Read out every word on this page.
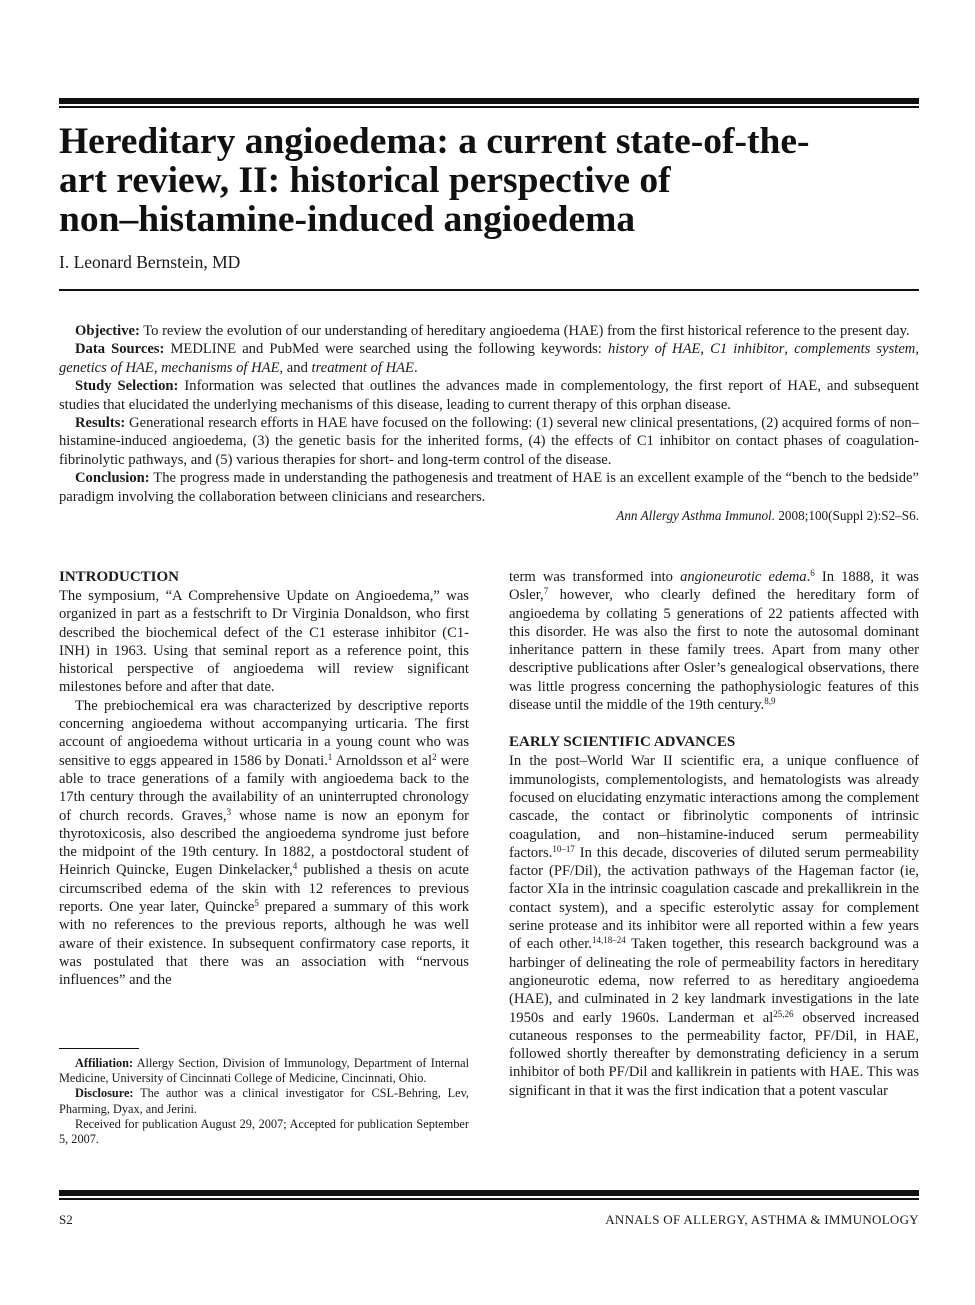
Hereditary angioedema: a current state-of-the-
art review, II: historical perspective of
non–histamine-induced angioedema
I. Leonard Bernstein, MD

Objective: To review the evolution of our understanding of hereditary angioedema (HAE) from the first historical reference to the present day.

Data Sources: MEDLINE and PubMed were searched using the following keywords: history of HAE, C1 inhibitor, complements system, genetics of HAE, mechanisms of HAE, and treatment of HAE.

Study Selection: Information was selected that outlines the advances made in complementology, the first report of HAE, and subsequent studies that elucidated the underlying mechanisms of this disease, leading to current therapy of this orphan disease.

Results: Generational research efforts in HAE have focused on the following: (1) several new clinical presentations, (2) acquired forms of non–histamine-induced angioedema, (3) the genetic basis for the inherited forms, (4) the effects of C1 inhibitor on contact phases of coagulation-fibrinolytic pathways, and (5) various therapies for short- and long-term control of the disease.

Conclusion: The progress made in understanding the pathogenesis and treatment of HAE is an excellent example of the “bench to the bedside” paradigm involving the collaboration between clinicians and researchers.

Ann Allergy Asthma Immunol. 2008;100(Suppl 2):S2–S6.
INTRODUCTION

The symposium, “A Comprehensive Update on Angioedema,” was organized in part as a festschrift to Dr Virginia Donaldson, who first described the biochemical defect of the C1 esterase inhibitor (C1-INH) in 1963. Using that seminal report as a reference point, this historical perspective of angioedema will review significant milestones before and after that date.

The prebiochemical era was characterized by descriptive reports concerning angioedema without accompanying urticaria. The first account of angioedema without urticaria in a young count who was sensitive to eggs appeared in 1586 by Donati.$^1$ Arnoldsson et $al^2$ were able to trace generations of a family with angioedema back to the 17th century through the availability of an uninterrupted chronology of church records. Graves,$^3$ whose name is now an eponym for thyrotoxicosis, also described the angioedema syndrome just before the midpoint of the 19th century. In 1882, a postdoctoral student of Heinrich Quincke, Eugen Dinkelacker,$^4$ published a thesis on acute circumscribed edema of the skin with 12 references to previous reports. One year later, Quincke$^5$ prepared a summary of this work with no references to the previous reports, although he was well aware of their existence. In subsequent confirmatory case reports, it was postulated that there was an association with “nervous influences” and the

Affiliation: Allergy Section, Division of Immunology, Department of Internal Medicine, University of Cincinnati College of Medicine, Cincinnati, Ohio.

Disclosure: The author was a clinical investigator for CSL-Behring, Lev, Pharming, Dyax, and Jerini.

Received for publication August 29, 2007; Accepted for publication September 5, 2007.

term was transformed into angioneurotic edema.$^6$ In 1888, it was Osler,$^7$ however, who clearly defined the hereditary form of angioedema by collating 5 generations of 22 patients affected with this disorder. He was also the first to note the autosomal dominant inheritance pattern in these family trees. Apart from many other descriptive publications after Osler’s genealogical observations, there was little progress concerning the pathophysiologic features of this disease until the middle of the 19th century.$^{8,9}$

EARLY SCIENTIFIC ADVANCES

In the post–World War II scientific era, a unique confluence of immunologists, complementologists, and hematologists was already focused on elucidating enzymatic interactions among the complement cascade, the contact or fibrinolytic components of intrinsic coagulation, and non–histamine-induced serum permeability factors.$^{10-17}$ In this decade, discoveries of diluted serum permeability factor (PF/Dil), the activation pathways of the Hageman factor (ie, factor XIa in the intrinsic coagulation cascade and prekallikrein in the contact system), and a specific esterolytic assay for complement serine protease and its inhibitor were all reported within a few years of each other.$^{14,18-24}$ Taken together, this research background was a harbinger of delineating the role of permeability factors in hereditary angioneurotic edema, now referred to as hereditary angioedema (HAE), and culminated in 2 key landmark investigations in the late 1950s and early 1960s. Landerman et al$^{25,26}$ observed increased cutaneous responses to the permeability factor, PF/Dil, in HAE, followed shortly thereafter by demonstrating deficiency in a serum inhibitor of both PF/Dil and kallikrein in patients with HAE. This was significant in that it was the first indication that a potent vascular

S2	ANNALS OF ALLERGY, ASTHMA & IMMUNOLOGY
